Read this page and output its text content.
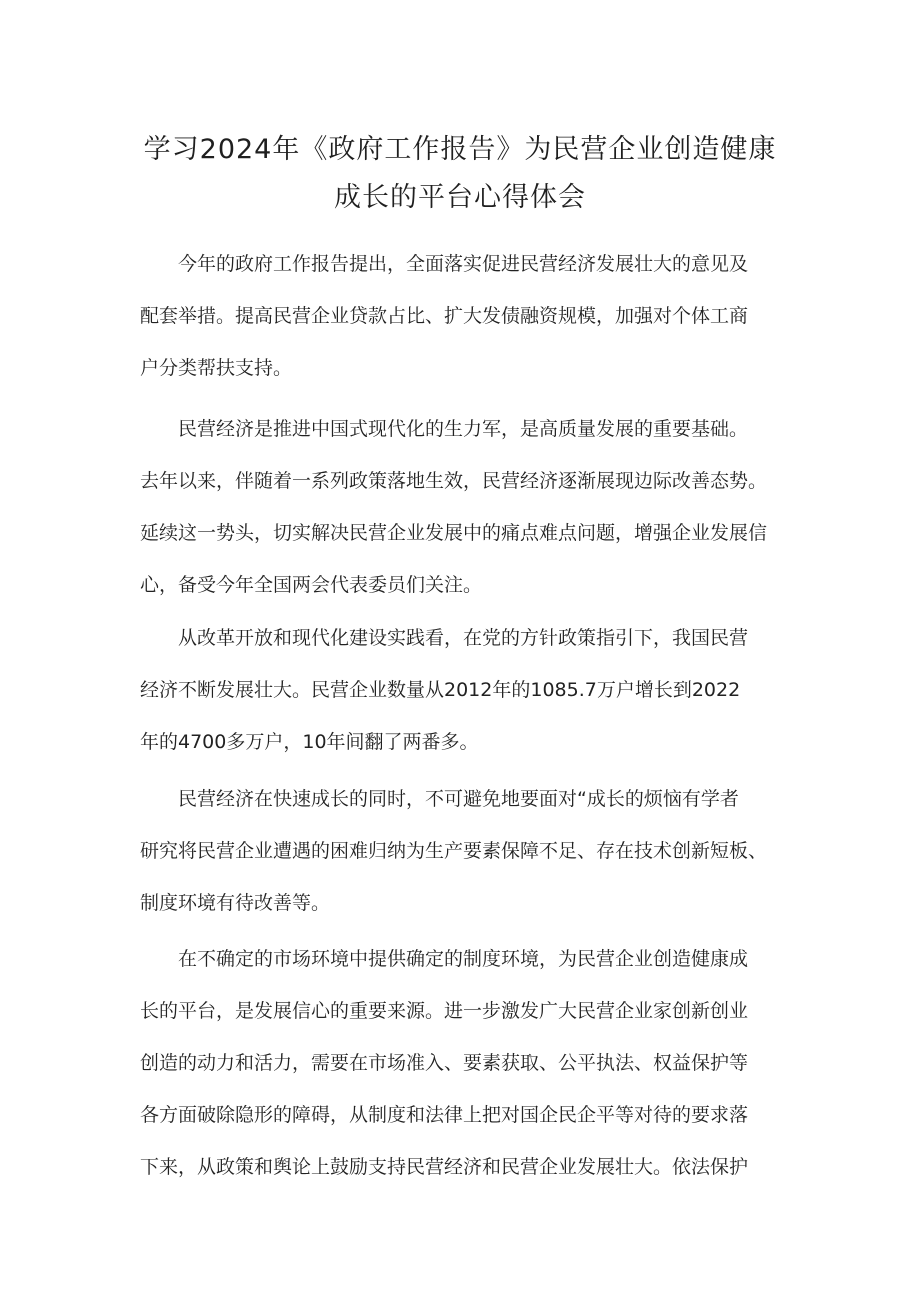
学习2024年《政府工作报告》为民营企业创造健康
成长的平台心得体会
今年的政府工作报告提出，全面落实促进民营经济发展壮大的意见及
配套举措。提高民营企业贷款占比、扩大发债融资规模，加强对个体工商
户分类帮扶支持。
民营经济是推进中国式现代化的生力军，是高质量发展的重要基础。
去年以来，伴随着一系列政策落地生效，民营经济逐渐展现边际改善态势。
延续这一势头，切实解决民营企业发展中的痛点难点问题，增强企业发展信
心，备受今年全国两会代表委员们关注。
从改革开放和现代化建设实践看，在党的方针政策指引下，我国民营
经济不断发展壮大。民营企业数量从2012年的1085.7万户增长到2022
年的4700多万户，10年间翻了两番多。
民营经济在快速成长的同时，不可避免地要面对“成长的烦恼有学者
研究将民营企业遭遇的困难归纳为生产要素保障不足、存在技术创新短板、
制度环境有待改善等。
在不确定的市场环境中提供确定的制度环境，为民营企业创造健康成
长的平台，是发展信心的重要来源。进一步激发广大民营企业家创新创业
创造的动力和活力，需要在市场准入、要素获取、公平执法、权益保护等
各方面破除隐形的障碍，从制度和法律上把对国企民企平等对待的要求落
下来，从政策和舆论上鼓励支持民营经济和民营企业发展壮大。依法保护
